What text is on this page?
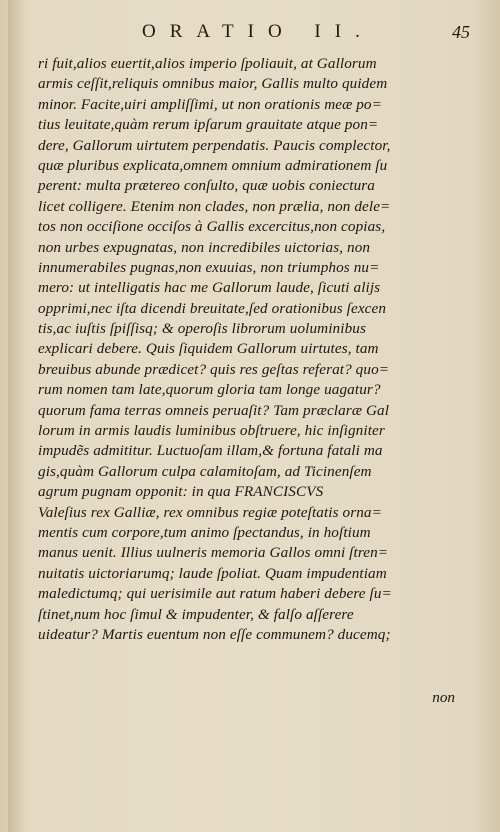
ORATIO II.	45
ri fuit,alios euertit,alios imperio ſpoliauit, at Gallorum
armis ceſſit,reliquis omnibus maior, Gallis multo quidem
minor. Facite,uiri ampliſſimi, ut non orationis meæ po=
tius leuitate,quàm rerum ipſarum grauitate atque pon=
dere, Gallorum uirtutem perpendatis. Paucis complector,
quæ pluribus explicata,omnem omnium admirationem ſu
perent: multa prætereo conſulto, quæ uobis coniectura
licet colligere. Etenim non clades, non prælia, non dele=
tos non occiſione occiſos à Gallis excercitus,non copias,
non urbes expugnatas, non incredibiles uictorias, non
innumerabiles pugnas,non exuuias, non triumphos nu=
mero: ut intelligatis hac me Gallorum laude, ſicuti alijs
opprimi,nec iſta dicendi breuitate,ſed orationibus ſexcen
tis,ac iuſtis ſpiſſisq; & operoſis librorum uoluminibus
explicari debere. Quis ſiquidem Gallorum uirtutes, tam
breuibus abunde prædicet? quis res geſtas referat? quo=
rum nomen tam late,quorum gloria tam longe uagatur?
quorum fama terras omneis peruaſit? Tam præclaræ Gal
lorum in armis laudis luminibus obſtruere, hic inſigniter
impudẽs admititur. Luctuoſam illam,& fortuna fatali ma
gis,quàm Gallorum culpa calamitoſam, ad Ticinenſem
agrum pugnam opponit: in qua FRANCISCVS
Valeſius rex Galliæ, rex omnibus regiæ poteſtatis orna=
mentis cum corpore,tum animo ſpectandus, in hoſtium
manus uenit. Illius uulneris memoria Gallos omni ſtren=
nuitatis uictoriarumq; laude ſpoliat. Quam impudentiam
maledictumq; qui uerisimile aut ratum haberi debere ſu=
ſtinet,num hoc ſimul & impudenter, & falſo aſſerere
uideatur? Martis euentum non eſſe communem? ducemq;
non
